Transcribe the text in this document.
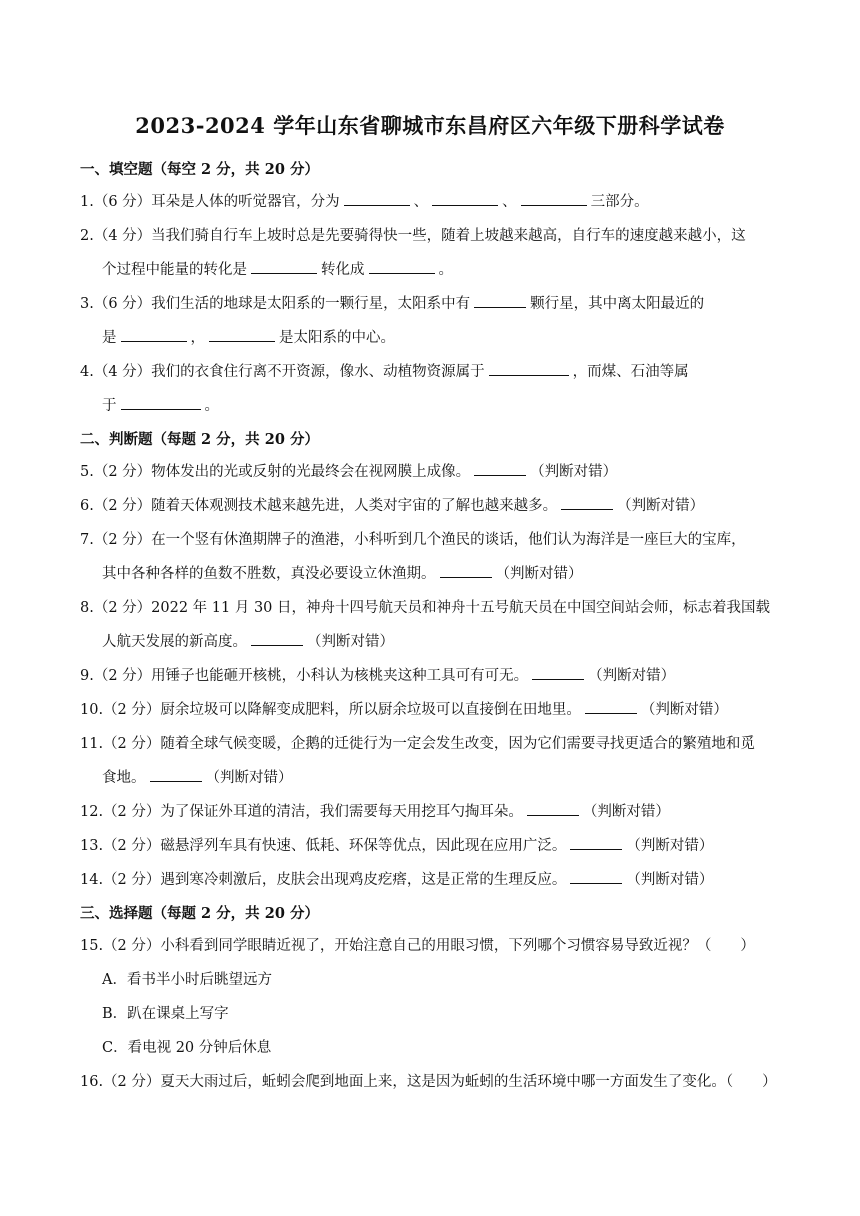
2023-2024 学年山东省聊城市东昌府区六年级下册科学试卷
一、填空题（每空 2 分，共 20 分）
1.（6 分）耳朵是人体的听觉器官，分为	、	、	三部分。
2.（4 分）当我们骑自行车上坡时总是先要骑得快一些，随着上坡越来越高，自行车的速度越来越小，这
个过程中能量的转化是	转化成	。
3.（6 分）我们生活的地球是太阳系的一颗行星，太阳系中有	颗行星，其中离太阳最近的
是	，	是太阳系的中心。
4.（4 分）我们的衣食住行离不开资源，像水、动植物资源属于	，而煤、石油等属
于	。
二、判断题（每题 2 分，共 20 分）
5.（2 分）物体发出的光或反射的光最终会在视网膜上成像。	（判断对错）
6.（2 分）随着天体观测技术越来越先进，人类对宇宙的了解也越来越多。	（判断对错）
7.（2 分）在一个竖有休渔期牌子的渔港，小科听到几个渔民的谈话，他们认为海洋是一座巨大的宝库，
其中各种各样的鱼数不胜数，真没必要设立休渔期。	（判断对错）
8.（2 分）2022 年 11 月 30 日，神舟十四号航天员和神舟十五号航天员在中国空间站会师，标志着我国载
人航天发展的新高度。	（判断对错）
9.（2 分）用锤子也能砸开核桃，小科认为核桃夹这种工具可有可无。	（判断对错）
10.（2 分）厨余垃圾可以降解变成肥料，所以厨余垃圾可以直接倒在田地里。	（判断对错）
11.（2 分）随着全球气候变暖，企鹅的迁徙行为一定会发生改变，因为它们需要寻找更适合的繁殖地和觅
食地。	（判断对错）
12.（2 分）为了保证外耳道的清洁，我们需要每天用挖耳勺掏耳朵。	（判断对错）
13.（2 分）磁悬浮列车具有快速、低耗、环保等优点，因此现在应用广泛。	（判断对错）
14.（2 分）遇到寒冷刺激后，皮肤会出现鸡皮疙瘩，这是正常的生理反应。	（判断对错）
三、选择题（每题 2 分，共 20 分）
15.（2 分）小科看到同学眼睛近视了，开始注意自己的用眼习惯，下列哪个习惯容易导致近视？（　　）
A．看书半小时后眺望远方
B．趴在课桌上写字
C．看电视 20 分钟后休息
16.（2 分）夏天大雨过后，蚯蚓会爬到地面上来，这是因为蚯蚓的生活环境中哪一方面发生了变化。（　　）
